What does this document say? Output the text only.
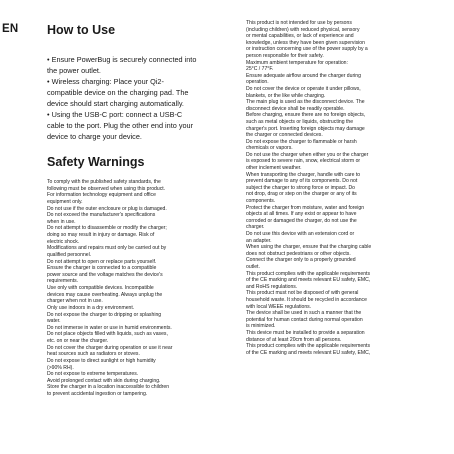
EN How to Use
• Ensure PowerBug is securely connected into
the power outlet.
• Wireless charging: Place your Qi2-
compatible device on the charging pad. The
device should start charging automatically.
• Using the USB-C port: connect a USB-C
cable to the port. Plug the other end into your
device to charge your device.
Safety Warnings
To comply with the published safety standards, the
following must be observed when using this product.
For information technology equipment and office
equipment only.
Do not use if the outer enclosure or plug is damaged.
Do not exceed the manufacturer's specifications
when in use.
Do not attempt to disassemble or modify the charger;
doing so may result in injury or damage. Risk of
electric shock.
Modifications and repairs must only be carried out by
qualified personnel.
Do not attempt to open or replace parts yourself.
Ensure the charger is connected to a compatible
power source and the voltage matches the device's
requirements.
Use only with compatible devices. Incompatible
devices may cause overheating. Always unplug the
charger when not in use.
Only use indoors in a dry environment.
Do not expose the charger to dripping or splashing
water.
Do not immerse in water or use in humid environments.
Do not place objects filled with liquids, such as vases,
etc. on or near the charger.
Do not cover the charger during operation or use it near
heat sources such as radiators or stoves.
Do not expose to direct sunlight or high humidity
(>90% RH).
Do not expose to extreme temperatures.
Avoid prolonged contact with skin during charging.
Store the charger in a location inaccessible to children
to prevent accidental ingestion or tampering.
This product is not intended for use by persons
(including children) with reduced physical, sensory
or mental capabilities, or lack of experience and
knowledge, unless they have been given supervision
or instruction concerning use of the power supply by a
person responsible for their safety.
Maximum ambient temperature for operation:
25°C / 77°F.
Ensure adequate airflow around the charger during
operation.
Do not cover the device or operate it under pillows,
blankets, or the like while charging.
The main plug is used as the disconnect device. The
disconnect device shall be readily operable.
Before charging, ensure there are no foreign objects,
such as metal objects or liquids, obstructing the
charger's port. Inserting foreign objects may damage
the charger or connected devices.
Do not expose the charger to flammable or harsh
chemicals or vapors.
Do not use the charger when either you or the charger
is exposed to severe rain, snow, electrical storm or
other inclement weather.
When transporting the charger, handle with care to
prevent damage to any of its components. Do not
subject the charger to strong force or impact. Do
not drop, drag or step on the charger or any of its
components.
Protect the charger from moisture, water and foreign
objects at all times. If any exist or appear to have
corroded or damaged the charger, do not use the
charger.
Do not use this device with an extension cord or
an adapter.
When using the charger, ensure that the charging cable
does not obstruct pedestrians or other objects.
Connect the charger only to a properly grounded
outlet.
This product complies with the applicable requirements
of the CE marking and meets relevant EU safety, EMC,
and RoHS regulations.
This product must not be disposed of with general
household waste. It should be recycled in accordance
with local WEEE regulations.
The device shall be used in such a manner that the
potential for human contact during normal operation
is minimized.
This device must be installed to provide a separation
distance of at least 20cm from all persons.
This product complies with the applicable requirements
of the CE marking and meets relevant EU safety, EMC,
